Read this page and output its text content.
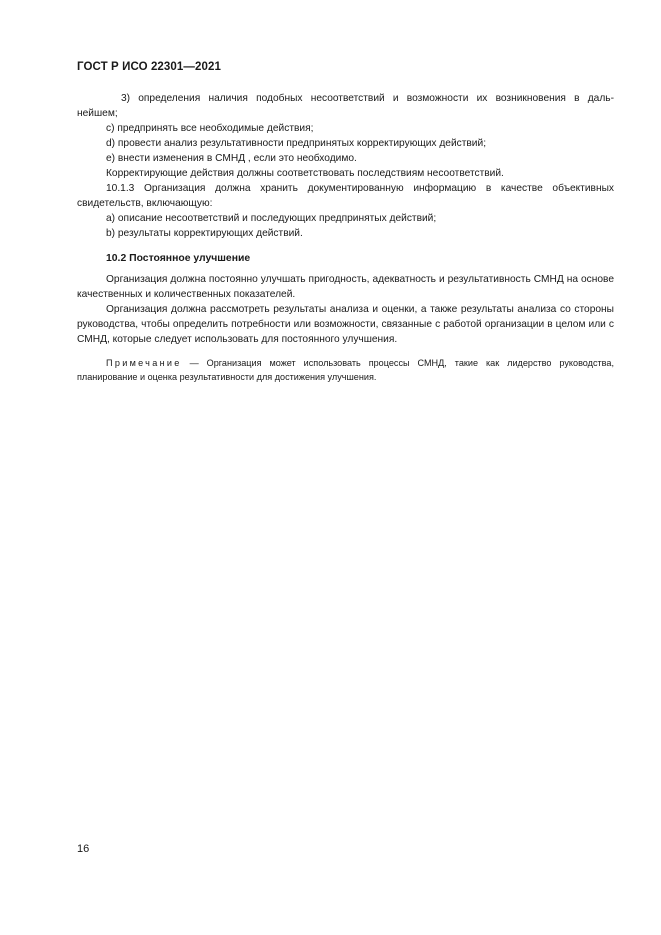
ГОСТ Р ИСО 22301—2021
3) определения наличия подобных несоответствий и возможности их возникновения в даль-
нейшем;
c) предпринять все необходимые действия;
d) провести анализ результативности предпринятых корректирующих действий;
e) внести изменения в СМНД , если это необходимо.
Корректирующие действия должны соответствовать последствиям несоответствий.
10.1.3 Организация должна хранить документированную информацию в качестве объективных
свидетельств, включающую:
a) описание несоответствий и последующих предпринятых действий;
b) результаты корректирующих действий.
10.2 Постоянное улучшение
Организация должна постоянно улучшать пригодность, адекватность и результативность СМНД на основе качественных и количественных показателей.
Организация должна рассмотреть результаты анализа и оценки, а также результаты анализа со стороны руководства, чтобы определить потребности или возможности, связанные с работой организации в целом или с СМНД, которые следует использовать для постоянного улучшения.
Примечание — Организация может использовать процессы СМНД, такие как лидерство руководства, планирование и оценка результативности для достижения улучшения.
16
